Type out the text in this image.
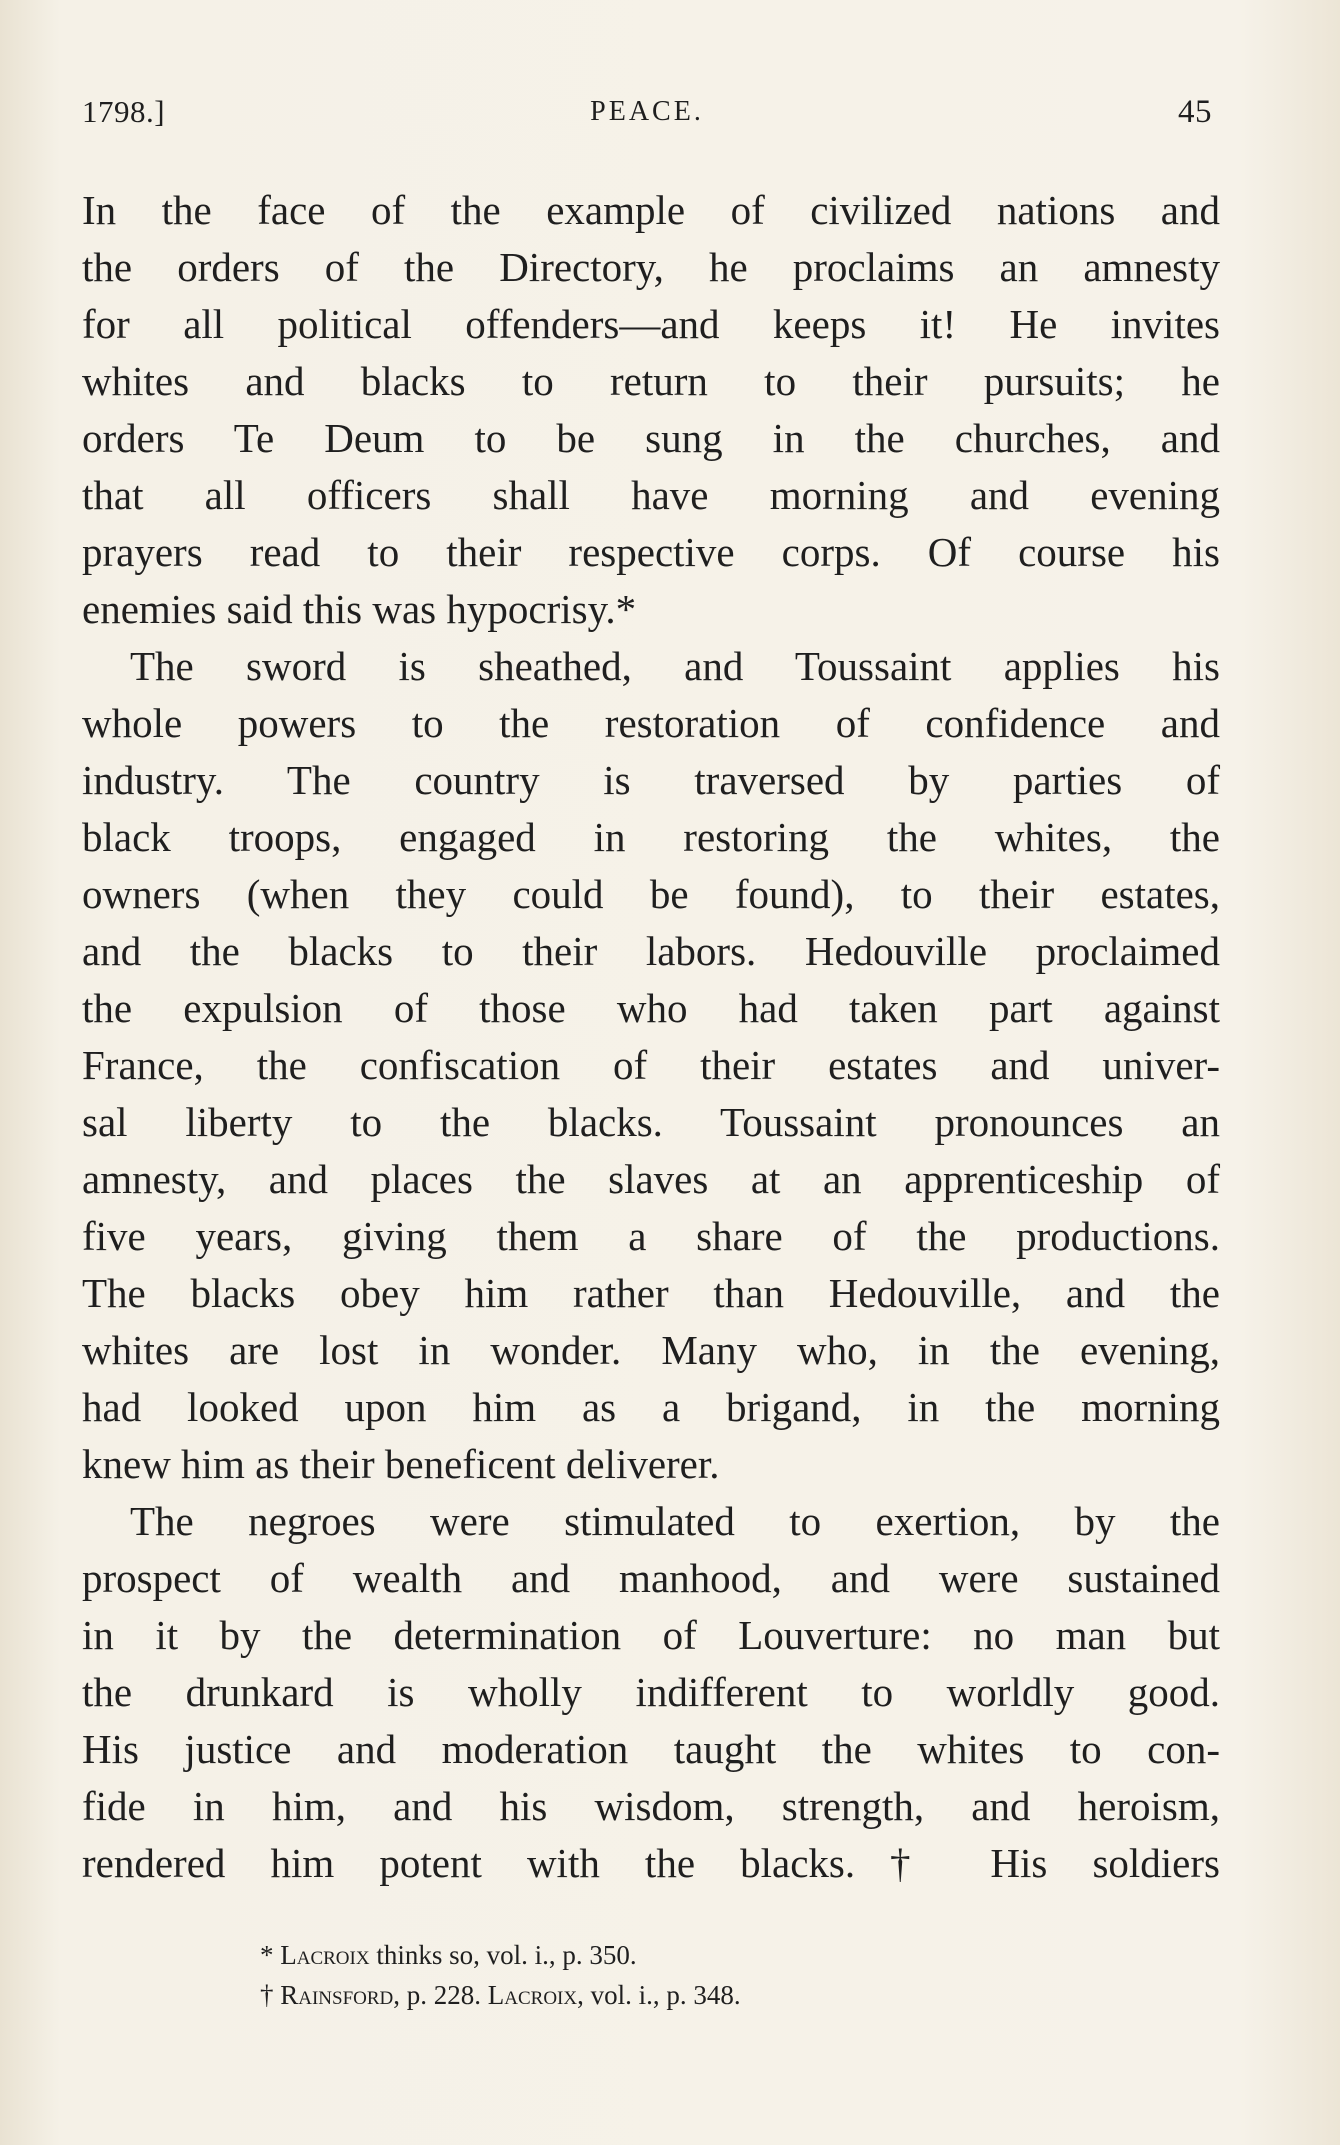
1798.]	PEACE.	45
In the face of the example of civilized nations and
the orders of the Directory, he proclaims an amnesty
for all political offenders—and keeps it! He invites
whites and blacks to return to their pursuits; he
orders Te Deum to be sung in the churches, and
that all officers shall have morning and evening
prayers read to their respective corps. Of course his
enemies said this was hypocrisy.*
The sword is sheathed, and Toussaint applies his
whole powers to the restoration of confidence and
industry. The country is traversed by parties of
black troops, engaged in restoring the whites, the
owners (when they could be found), to their estates,
and the blacks to their labors. Hedouville proclaimed
the expulsion of those who had taken part against
France, the confiscation of their estates and univer-
sal liberty to the blacks. Toussaint pronounces an
amnesty, and places the slaves at an apprenticeship of
five years, giving them a share of the productions.
The blacks obey him rather than Hedouville, and the
whites are lost in wonder. Many who, in the evening,
had looked upon him as a brigand, in the morning
knew him as their beneficent deliverer.
The negroes were stimulated to exertion, by the
prospect of wealth and manhood, and were sustained
in it by the determination of Louverture: no man but
the drunkard is wholly indifferent to worldly good.
His justice and moderation taught the whites to con-
fide in him, and his wisdom, strength, and heroism,
rendered him potent with the blacks.† His soldiers
* Lacroix thinks so, vol. i., p. 350.
† Rainsford, p. 228. Lacroix, vol. i., p. 348.
